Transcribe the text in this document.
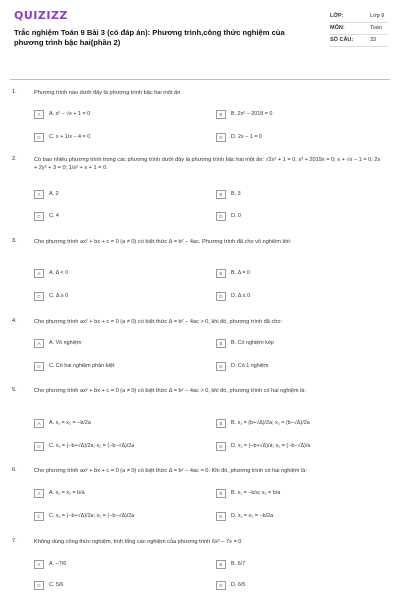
QUIZIZZ
Trắc nghiệm Toán 9 Bài 3 (có đáp án): Phương trình,công thức nghiệm của phương trình bậc hai(phần 2)
LỚP:	Lớp 9
MÔN:	Toán
SỐ CÂU:	33
1.	Phương trình nào dưới đây là phương trình bậc hai một ẩn
A	A. x² − √x + 1 = 0	B	B. 2x² − 2018 = 0
C	C. x + 1/x − 4 = 0	D	D. 2x − 1 = 0
2.	Có bao nhiêu phương trình trong các phương trình dưới đây là phương trình bậc hai một ẩn: √2x² + 1 = 0; x³ + 2019x = 0; x + √x − 1 = 0; 2x + 2y² + 3 = 0; 1/x² + x + 1 = 0.
A	A. 2	B	B. 3
C	C. 4	D	D. 0
3.	Cho phương trình ax² + bx + c = 0 (a ≠ 0) có biệt thức Δ = b² − 4ac. Phương trình đã cho vô nghiệm khi:
A	A. Δ < 0	B	B. Δ = 0
C	C. Δ ≥ 0	D	D. Δ ≤ 0
4.	Cho phương trình ax² + bx + c = 0 (a ≠ 0) có biệt thức Δ = b² − 4ac > 0, khi đó, phương trình đã cho:
A	A. Vô nghiệm	B	B. Có nghiệm kép
C	C. Có hai nghiệm phân biệt	D	D. Có 1 nghiệm
5.	Cho phương trình ax² + bx + c = 0 (a ≠ 0) có biệt thức Δ = b² − 4ac > 0, khi đó, phương trình có hai nghiệm là:
A	A. x₁ = x₂ = −b/2a	B	B. x₁ = (b+√Δ)/2a; x₂ = (b−√Δ)/2a
C	C. x₁ = (−b+√Δ)/2a; x₂ = (−b−√Δ)/2a	D	D. x₁ = (−b+√Δ)/a; x₂ = (−b−√Δ)/a
6.	Cho phương trình ax² + bx + c = 0 (a ≠ 0) có biệt thức Δ = b² − 4ac = 0. Khi đó, phương trình có hai nghiệm là:
A	A. x₁ = x₂ = b/a	B	B. x₁ = −b/a; x₂ = b/a
C	C. x₁ = (−b+√Δ)/2a; x₂ = (−b−√Δ)/2a	D	D. x₁ = x₂ = −b/2a
7.	Không dùng công thức nghiệm, tính tổng các nghiệm của phương trình 6x² − 7x = 0
A	A. −7/6	B	B. 6/7
C	C. 5/6	D	D. 6/5
